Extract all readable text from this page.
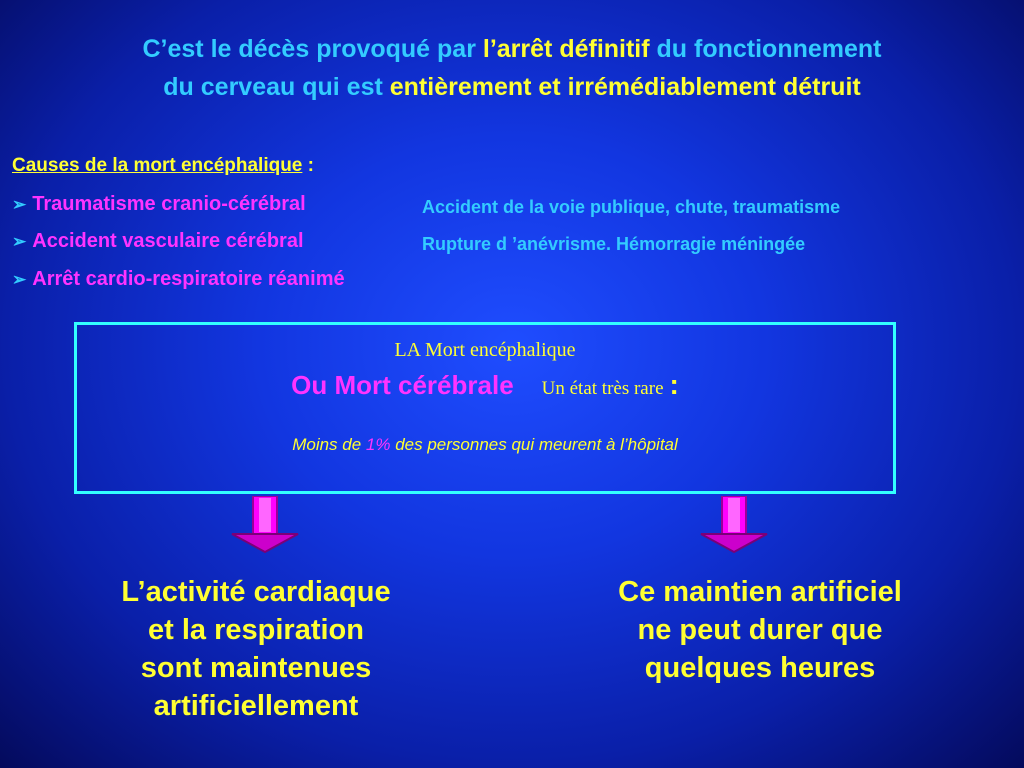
C’est le décès provoqué par l’arrêt définitif du fonctionnement
du cerveau qui est entièrement et irrémédiablement détruit
Causes de la mort encéphalique :
➢ Traumatisme cranio-cérébral	Accident de la voie publique, chute, traumatisme
➢ Accident vasculaire cérébral	Rupture d ’anévrisme. Hémorragie méningée
➢ Arrêt cardio-respiratoire réanimé
LA Mort encéphalique
Ou Mort cérébrale Un état très rare :
Moins de 1% des personnes qui meurent à l’hôpital
L’activité cardiaque
et la respiration
sont maintenues
artificiellement
Ce maintien artificiel
ne peut durer que
quelques heures
